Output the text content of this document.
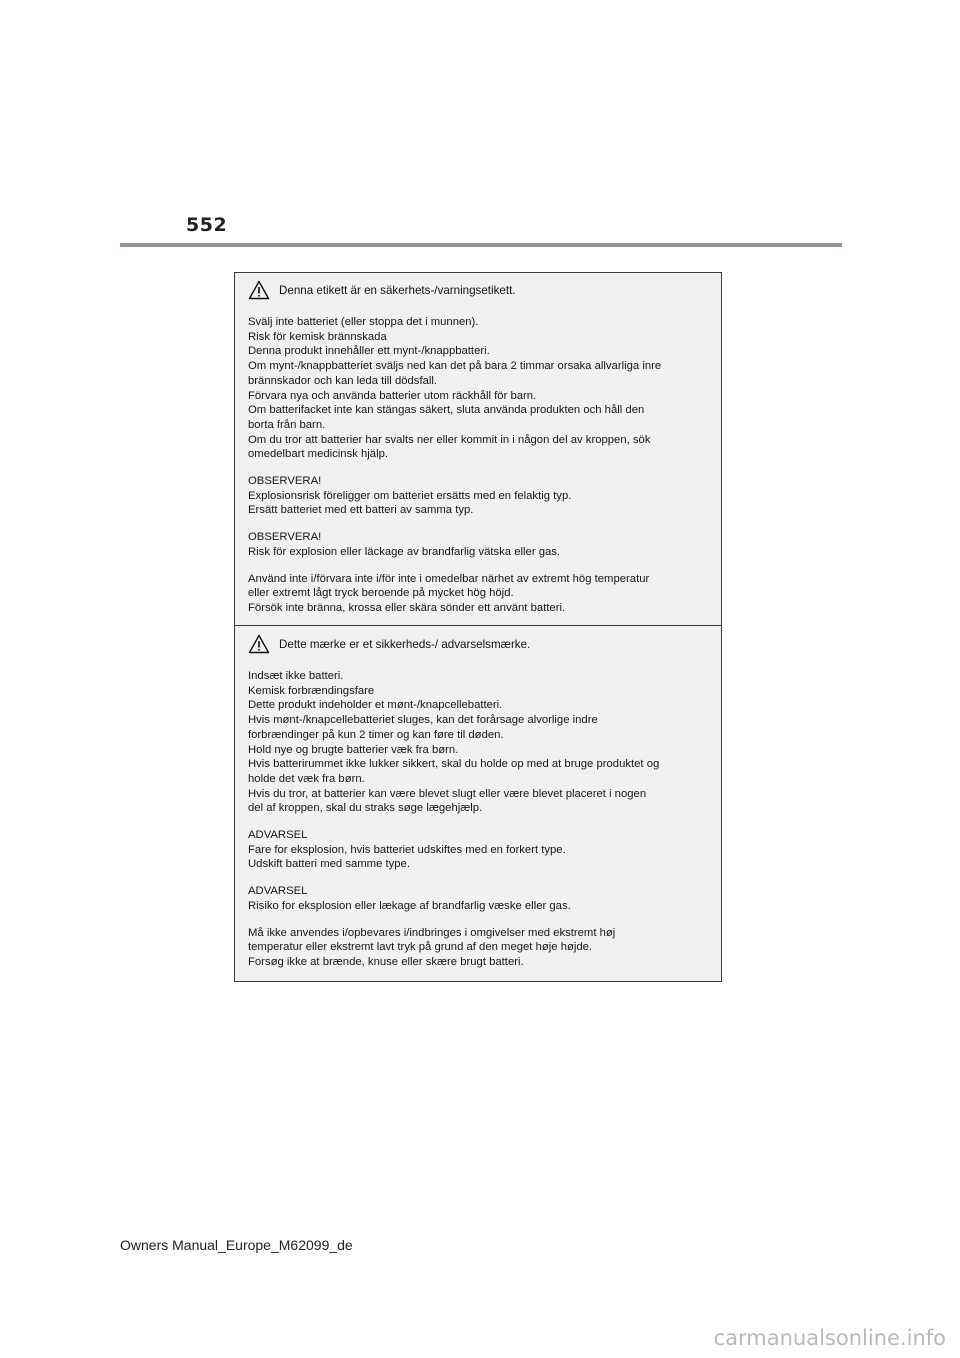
552
Denna etikett är en säkerhets-/varningsetikett.
Svälj inte batteriet (eller stoppa det i munnen).
Risk för kemisk brännskada
Denna produkt innehåller ett mynt-/knappbatteri.
Om mynt-/knappbatteriet sväljs ned kan det på bara 2 timmar orsaka allvarliga inre
brännskador och kan leda till dödsfall.
Förvara nya och använda batterier utom räckhåll för barn.
Om batterifacket inte kan stängas säkert, sluta använda produkten och håll den
borta från barn.
Om du tror att batterier har svalts ner eller kommit in i någon del av kroppen, sök
omedelbart medicinsk hjälp.
OBSERVERA!
Explosionsrisk föreligger om batteriet ersätts med en felaktig typ.
Ersätt batteriet med ett batteri av samma typ.
OBSERVERA!
Risk för explosion eller läckage av brandfarlig vätska eller gas.
Använd inte i/förvara inte i/för inte i omedelbar närhet av extremt hög temperatur
eller extremt lågt tryck beroende på mycket hög höjd.
Försök inte bränna, krossa eller skära sönder ett använt batteri.
Dette mærke er et sikkerheds-/ advarselsmærke.
Indsæt ikke batteri.
Kemisk forbrændingsfare
Dette produkt indeholder et mønt-/knapcellebatteri.
Hvis mønt-/knapcellebatteriet sluges, kan det forårsage alvorlige indre
forbrændinger på kun 2 timer og kan føre til døden.
Hold nye og brugte batterier væk fra børn.
Hvis batterirummet ikke lukker sikkert, skal du holde op med at bruge produktet og
holde det væk fra børn.
Hvis du tror, at batterier kan være blevet slugt eller være blevet placeret i nogen
del af kroppen, skal du straks søge lægehjælp.
ADVARSEL
Fare for eksplosion, hvis batteriet udskiftes med en forkert type.
Udskift batteri med samme type.
ADVARSEL
Risiko for eksplosion eller lækage af brandfarlig væske eller gas.
Må ikke anvendes i/opbevares i/indbringes i omgivelser med ekstremt høj
temperatur eller ekstremt lavt tryk på grund af den meget høje højde.
Forsøg ikke at brænde, knuse eller skære brugt batteri.
Owners Manual_Europe_M62099_de
carmanualsonline.info
